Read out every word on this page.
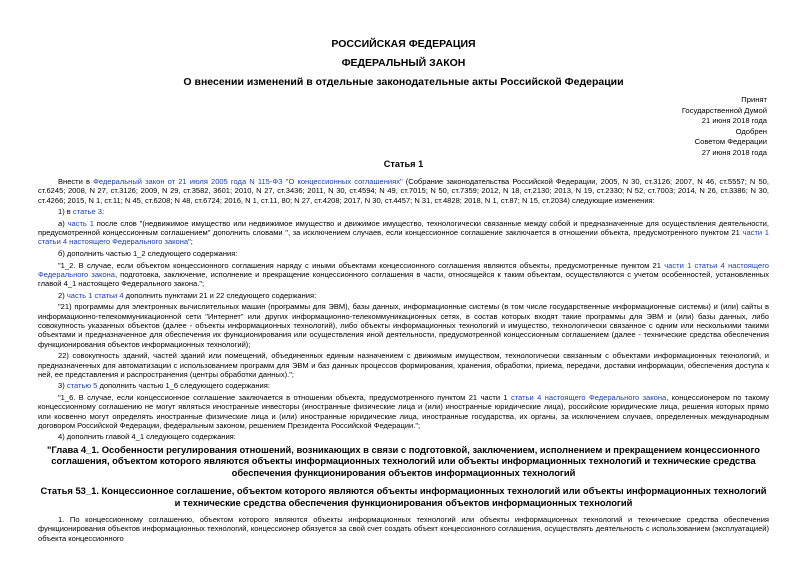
РОССИЙСКАЯ ФЕДЕРАЦИЯ
ФЕДЕРАЛЬНЫЙ ЗАКОН
О внесении изменений в отдельные законодательные акты Российской Федерации
Принят
Государственной Думой
21 июня 2018 года
Одобрен
Советом Федерации
27 июня 2018 года
Статья 1

Внести в Федеральный закон от 21 июля 2005 года N 115-ФЗ "О концессионных соглашениях" (Собрание законодательства Российской Федерации, 2005, N 30, ст.3126; 2007, N 46, ст.5557; N 50, ст.6245; 2008, N 27, ст.3126; 2009, N 29, ст.3582, 3601; 2010, N 27, ст.3436; 2011, N 30, ст.4594; N 49, ст.7015; N 50, ст.7359; 2012, N 18, ст.2130; 2013, N 19, ст.2330; N 52, ст.7003; 2014, N 26, ст.3386; N 30, ст.4266; 2015, N 1, ст.11; N 45, ст.6208; N 48, ст.6724; 2016, N 1, ст.11, 80; N 27, ст.4208; 2017, N 30, ст.4457; N 31, ст.4828; 2018, N 1, ст.87; N 15, ст.2034) следующие изменения:

1) в статье 3:

а) часть 1 после слов "(недвижимое имущество или недвижимое имущество и движимое имущество, технологически связанные между собой и предназначенные для осуществления деятельности, предусмотренной концессионным соглашением" дополнить словами ", за исключением случаев, если концессионное соглашение заключается в отношении объекта, предусмотренного пунктом 21 части 1 статьи 4 настоящего Федерального закона";

б) дополнить частью 1_2 следующего содержания:

"1_2. В случае, если объектом концессионного соглашения наряду с иными объектами концессионного соглашения являются объекты, предусмотренные пунктом 21 части 1 статьи 4 настоящего Федерального закона, подготовка, заключение, исполнение и прекращение концессионного соглашения в части, относящейся к таким объектам, осуществляются с учетом особенностей, установленных главой 4_1 настоящего Федерального закона.";

2) часть 1 статьи 4 дополнить пунктами 21 и 22 следующего содержания:

"21) программы для электронных вычислительных машин (программы для ЭВМ), базы данных, информационные системы (в том числе государственные информационные системы) и (или) сайты в информационно-телекоммуникационной сети "Интернет" или других информационно-телекоммуникационных сетях, в состав которых входят такие программы для ЭВМ и (или) базы данных, либо совокупность указанных объектов (далее - объекты информационных технологий), либо объекты информационных технологий и имущество, технологически связанное с одним или несколькими такими объектами и предназначенное для обеспечения их функционирования или осуществления иной деятельности, предусмотренной концессионным соглашением (далее - технические средства обеспечения функционирования объектов информационных технологий);

22) совокупность зданий, частей зданий или помещений, объединенных единым назначением с движимым имуществом, технологически связанным с объектами информационных технологий, и предназначенных для автоматизации с использованием программ для ЭВМ и баз данных процессов формирования, хранения, обработки, приема, передачи, доставки информации, обеспечения доступа к ней, ее представления и распространения (центры обработки данных).";

3) статью 5 дополнить частью 1_6 следующего содержания:

"1_6. В случае, если концессионное соглашение заключается в отношении объекта, предусмотренного пунктом 21 части 1 статьи 4 настоящего Федерального закона, концессионером по такому концессионному соглашению не могут являться иностранные инвесторы (иностранные физические лица и (или) иностранные юридические лица), российские юридические лица, решения которых прямо или косвенно могут определять иностранные физические лица и (или) иностранные юридические лица, иностранные государства, их органы, за исключением случаев, определенных международным договором Российской Федерации, федеральным законом, решением Президента Российской Федерации.";

4) дополнить главой 4_1 следующего содержания:

"Глава 4_1. Особенности регулирования отношений, возникающих в связи с подготовкой, заключением, исполнением и прекращением концессионного соглашения, объектом которого являются объекты информационных технологий или объекты информационных технологий и технические средства обеспечения функционирования объектов информационных технологий

Статья 53_1. Концессионное соглашение, объектом которого являются объекты информационных технологий или объекты информационных технологий и технические средства обеспечения функционирования объектов информационных технологий

1. По концессионному соглашению, объектом которого являются объекты информационных технологий или объекты информационных технологий и технические средства обеспечения функционирования объектов информационных технологий, концессионер обязуется за свой счет создать объект концессионного соглашения, осуществлять деятельность с использованием (эксплуатацией) объекта концессионного
